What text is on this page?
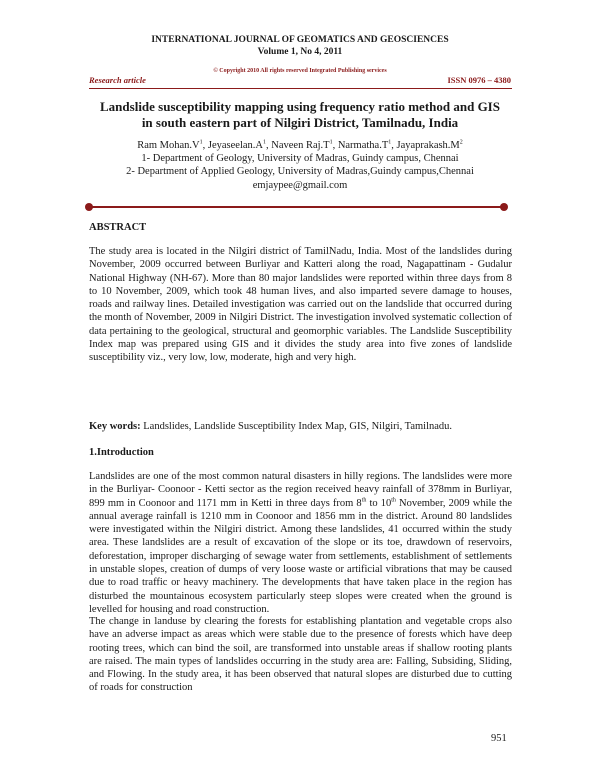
INTERNATIONAL JOURNAL OF GEOMATICS AND GEOSCIENCES
Volume 1, No 4, 2011
© Copyright 2010 All rights reserved Integrated Publishing services
Research article	ISSN 0976 – 4380
Landslide susceptibility mapping using frequency ratio method and GIS
in south eastern part of Nilgiri District, Tamilnadu, India
Ram $Mohan.V^1$, $Jeyaseelan.A^1$, Naveen $Raj.T^1$, $Narmatha.T^1$, $Jayaprakash.M^2$
1- Department of Geology, University of Madras, Guindy campus, Chennai
2- Department of Applied Geology, University of Madras,Guindy campus,Chennai
emjaypee@gmail.com
ABSTRACT
The study area is located in the Nilgiri district of TamilNadu, India. Most of the landslides during November, 2009 occurred between Burliyar and Katteri along the road, Nagapattinam - Gudalur National Highway (NH-67). More than 80 major landslides were reported within three days from 8 to 10 November, 2009, which took 48 human lives, and also imparted severe damage to houses, roads and railway lines. Detailed investigation was carried out on the landslide that occurred during the month of November, 2009 in Nilgiri District. The investigation involved systematic collection of data pertaining to the geological, structural and geomorphic variables. The Landslide Susceptibility Index map was prepared using GIS and it divides the study area into five zones of landslide susceptibility viz., very low, low, moderate, high and very high.
Key words: Landslides, Landslide Susceptibility Index Map, GIS, Nilgiri, Tamilnadu.
1.Introduction
Landslides are one of the most common natural disasters in hilly regions. The landslides were more in the Burliyar- Coonoor - Ketti sector as the region received heavy rainfall of 378mm in Burliyar, 899 mm in Coonoor and 1171 mm in Ketti in three days from 8th to 10th November, 2009 while the annual average rainfall is 1210 mm in Coonoor and 1856 mm in the district. Around 80 landslides were investigated within the Nilgiri district. Among these landslides, 41 occurred within the study area. These landslides are a result of excavation of the slope or its toe, drawdown of reservoirs, deforestation, improper discharging of sewage water from settlements, establishment of settlements in unstable slopes, creation of dumps of very loose waste or artificial vibrations that may be caused due to road traffic or heavy machinery. The developments that have taken place in the region has disturbed the mountainous ecosystem particularly steep slopes were created when the ground is levelled for housing and road construction.
The change in landuse by clearing the forests for establishing plantation and vegetable crops also have an adverse impact as areas which were stable due to the presence of forests which have deep rooting trees, which can bind the soil, are transformed into unstable areas if shallow rooting plants are raised. The main types of landslides occurring in the study area are: Falling, Subsiding, Sliding, and Flowing. In the study area, it has been observed that natural slopes are disturbed due to cutting of roads for construction
951
